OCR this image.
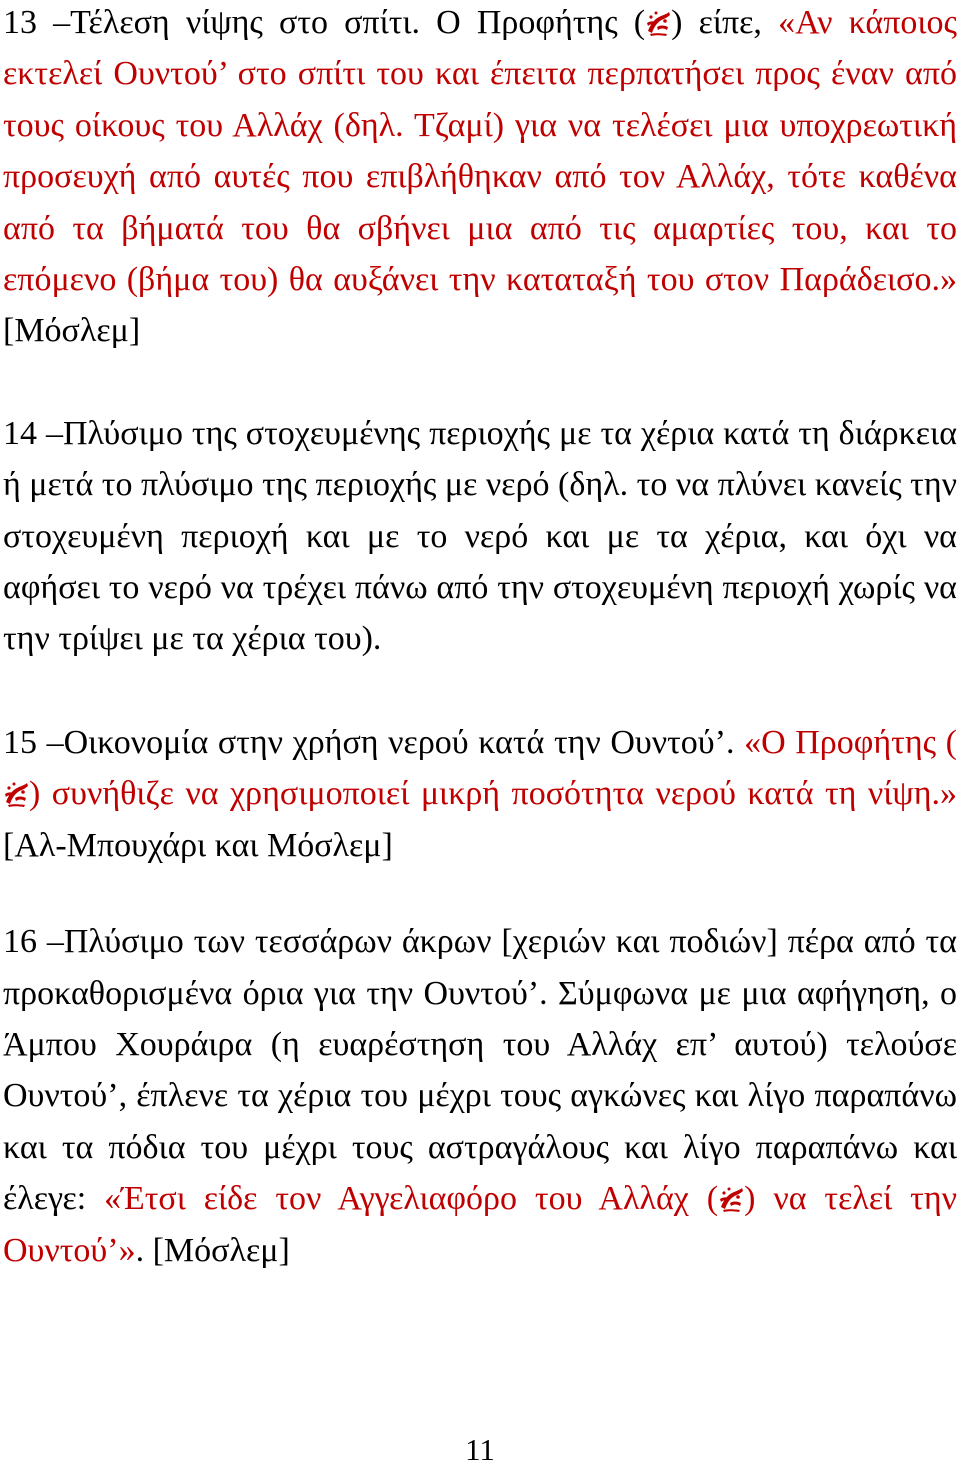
13 –Τέλεση νίψης στο σπίτι. Ο Προφήτης ( ) είπε, «Αν κάποιος εκτελεί Ουντού’ στο σπίτι του και έπειτα περπατήσει προς έναν από τους οίκους του Αλλάχ (δηλ. Τζαμί) για να τελέσει μια υποχρεωτική προσευχή από αυτές που επιβλήθηκαν από τον Αλλάχ, τότε καθένα από τα βήματά του θα σβήνει μια από τις αμαρτίες του, και το επόμενο (βήμα του) θα αυξάνει την καταταξή του στον Παράδεισο.» [Μόσλεμ]

14 –Πλύσιμο της στοχευμένης περιοχής με τα χέρια κατά τη διάρκεια ή μετά το πλύσιμο της περιοχής με νερό (δηλ. το να πλύνει κανείς την στοχευμένη περιοχή και με το νερό και με τα χέρια, και όχι να αφήσει το νερό να τρέχει πάνω από την στοχευμένη περιοχή χωρίς να την τρίψει με τα χέρια του).

15 –Οικονομία στην χρήση νερού κατά την Ουντού’. «Ο Προφήτης (
) συνήθιζε να χρησιμοποιεί μικρή ποσότητα νερού κατά τη νίψη.» [Αλ-Μπουχάρι και Μόσλεμ]

16 –Πλύσιμο των τεσσάρων άκρων [χεριών και ποδιών] πέρα από τα προκαθορισμένα όρια για την Ουντού’. Σύμφωνα με μια αφήγηση, ο Άμπου Χουράιρα (η ευαρέστηση του Αλλάχ επ’ αυτού) τελούσε Ουντού’, έπλενε τα χέρια του μέχρι τους αγκώνες και λίγο παραπάνω και τα πόδια του μέχρι τους αστραγάλους και λίγο παραπάνω και έλεγε: «Έτσι είδε τον Αγγελιαφόρο του Αλλάχ ( ) να τελεί την Ουντού’». [Μόσλεμ]

11
